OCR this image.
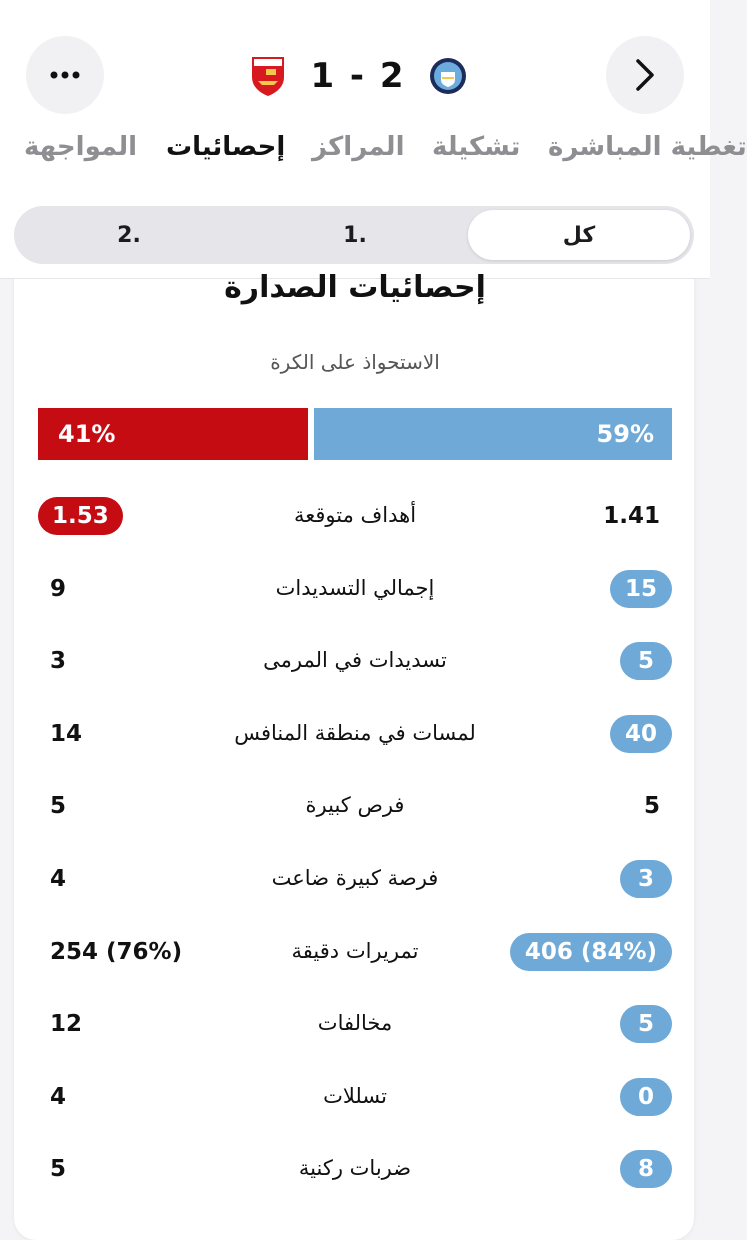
1 - 2
تغطية المباشرة
تشكيلة
المراكز
إحصائيات
المواجهة
كل
1.
2.
إحصائيات الصدارة
الاستحواذ على الكرة
41%	59%
أهداف متوقعة
1.53	1.41
إجمالي التسديدات
9	15
تسديدات في المرمى
3	5
لمسات في منطقة المنافس
14	40
فرص كبيرة
5	5
فرصة كبيرة ضاعت
4	3
تمريرات دقيقة
254 (76%)	406 (84%)
مخالفات
12	5
تسللات
4	0
ضربات ركنية
5	8
